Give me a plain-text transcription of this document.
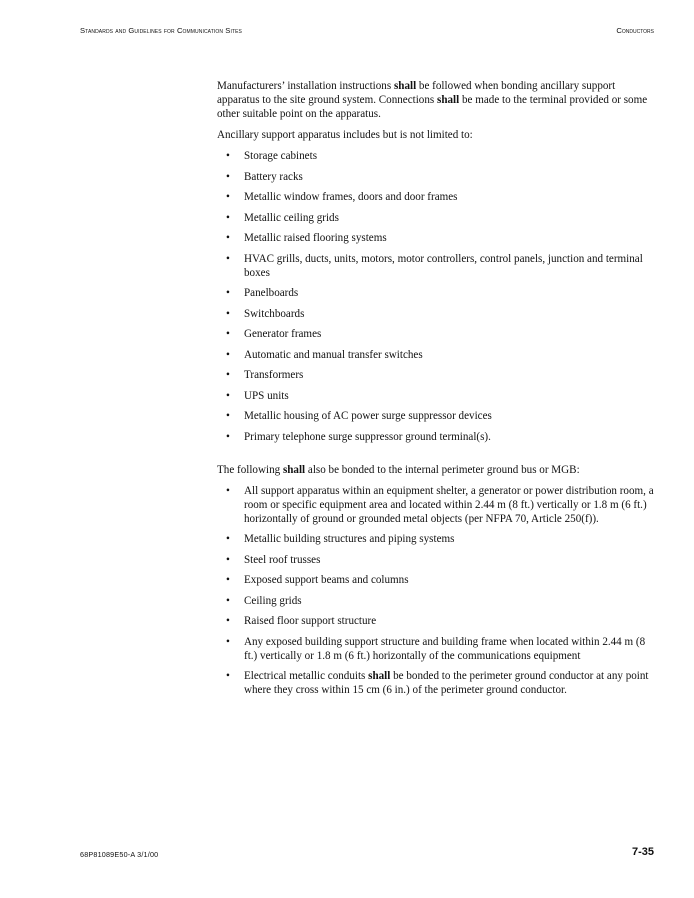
Standards and Guidelines for Communication Sites	Conductors

Manufacturers’ installation instructions shall be followed when bonding ancillary support apparatus to the site ground system. Connections shall be made to the terminal provided or some other suitable point on the apparatus.

Ancillary support apparatus includes but is not limited to:

• Storage cabinets
• Battery racks
• Metallic window frames, doors and door frames
• Metallic ceiling grids
• Metallic raised flooring systems
• HVAC grills, ducts, units, motors, motor controllers, control panels, junction and terminal boxes
• Panelboards
• Switchboards
• Generator frames
• Automatic and manual transfer switches
• Transformers
• UPS units
• Metallic housing of AC power surge suppressor devices
• Primary telephone surge suppressor ground terminal(s).

The following shall also be bonded to the internal perimeter ground bus or MGB:

• All support apparatus within an equipment shelter, a generator or power distribution room, a room or specific equipment area and located within 2.44 m (8 ft.) vertically or 1.8 m (6 ft.) horizontally of ground or grounded metal objects (per NFPA 70, Article 250(f)).
• Metallic building structures and piping systems
• Steel roof trusses
• Exposed support beams and columns
• Ceiling grids
• Raised floor support structure
• Any exposed building support structure and building frame when located within 2.44 m (8 ft.) vertically or 1.8 m (6 ft.) horizontally of the communications equipment
• Electrical metallic conduits shall be bonded to the perimeter ground conductor at any point where they cross within 15 cm (6 in.) of the perimeter ground conductor.
68P81089E50-A 3/1/00	7-35
